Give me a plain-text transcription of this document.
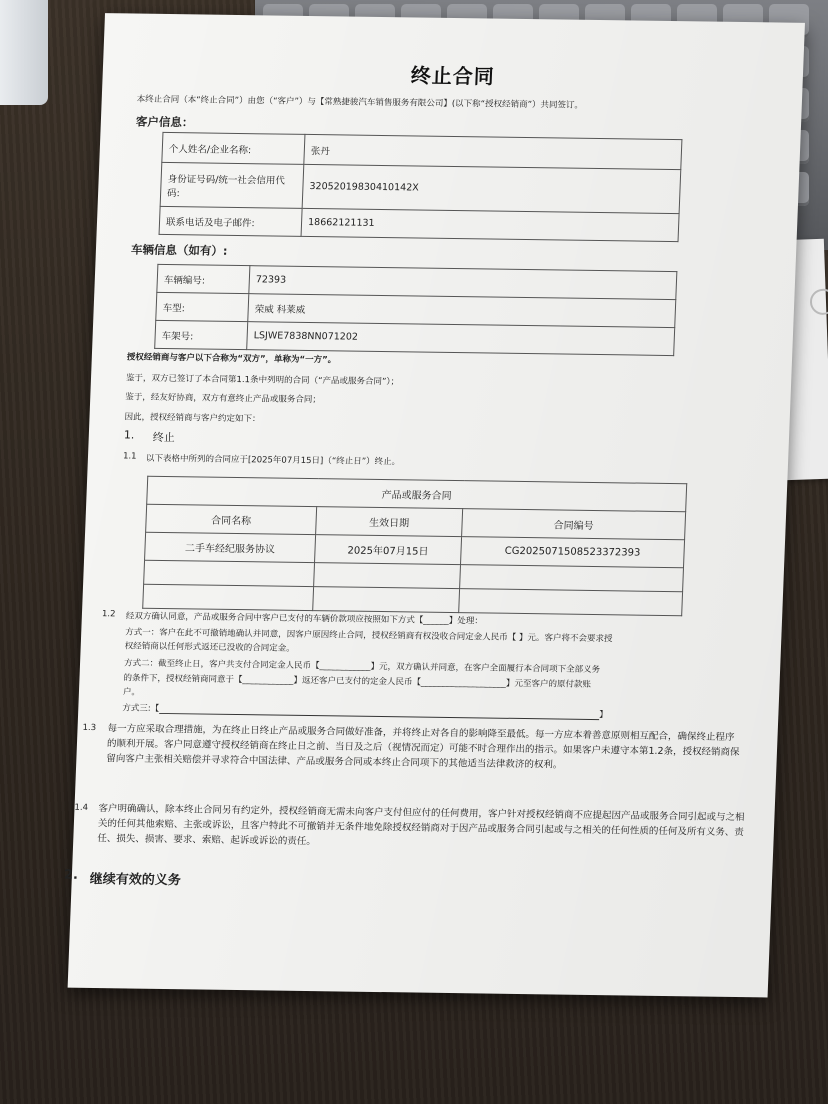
终止合同
本终止合同（本“终止合同”）由您（“客户”）与【常熟捷骏汽车销售服务有限公司】(以下称“授权经销商”）共同签订。
客户信息：
个人姓名/企业名称:	张丹
身份证号码/统一社会信用代码:	32052019830410142X
联系电话及电子邮件:	18662121131
车辆信息（如有）:
车辆编号:	72393
车型:	荣威 科莱威
车架号:	LSJWE7838NN071202
授权经销商与客户以下合称为“双方”，单称为“一方”。
鉴于，双方已签订了本合同第1.1条中列明的合同（“产品或服务合同”）；
鉴于，经友好协商，双方有意终止产品或服务合同；
因此，授权经销商与客户约定如下：
1. 终止
1.1 以下表格中所列的合同应于[2025年07月15日]（“终止日”）终止。
产品或服务合同		
合同名称	生效日期	合同编号
二手车经纪服务协议	2025年07月15日	CG2025071508523372393

1.2 经双方确认同意，产品或服务合同中客户已支付的车辆价款项应按照如下方式【______】处理：
方式一：客户在此不可撤销地确认并同意，因客户原因终止合同，授权经销商有权没收合同定金人民币【 】元。客户将不会要求授
权经销商以任何形式返还已没收的合同定金。
方式二：截至终止日，客户共支付合同定金人民币【____________】元，双方确认并同意，在客户全面履行本合同项下全部义务
的条件下，授权经销商同意于【____________】返还客户已支付的定金人民币【____________________】元至客户的原付款账
户。
方式三:【】
1.3 每一方应采取合理措施，为在终止日终止产品或服务合同做好准备，并将终止对各自的影响降至最低。每一方应本着善意原则相互配合，确保终止程序的顺利开展。客户同意遵守授权经销商在终止日之前、当日及之后（视情况而定）可能不时合理作出的指示。如果客户未遵守本第1.2条，授权经销商保留向客户主张相关赔偿并寻求符合中国法律、产品或服务合同或本终止合同项下的其他适当法律救济的权利。
1.4 客户明确确认，除本终止合同另有约定外，授权经销商无需未向客户支付但应付的任何费用，客户针对授权经销商不应提起因产品或服务合同引起或与之相关的任何其他索赔、主张或诉讼，且客户特此不可撤销并无条件地免除授权经销商对于因产品或服务合同引起或与之相关的任何性质的任何及所有义务、责任、损失、损害、要求、索赔、起诉或诉讼的责任。
2. 继续有效的义务
